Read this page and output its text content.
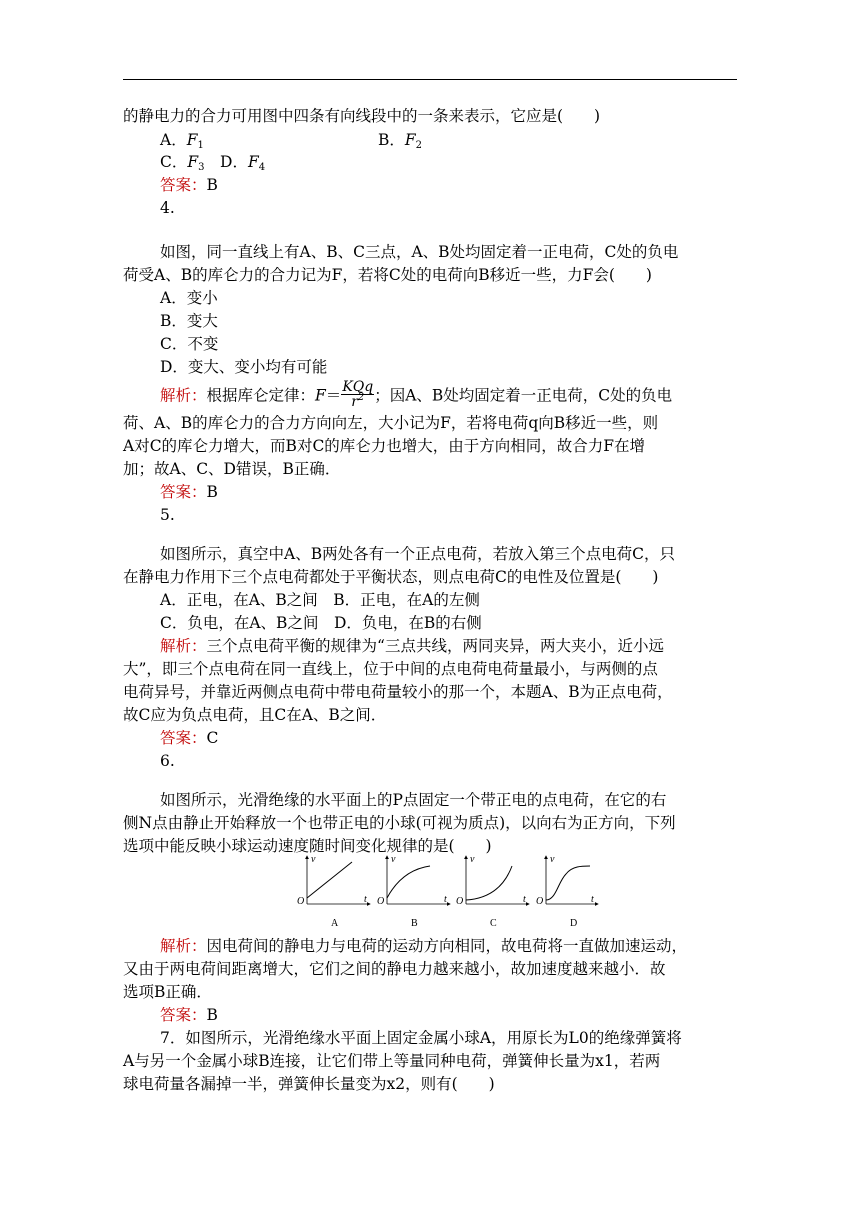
的静电力的合力可用图中四条有向线段中的一条来表示，它应是(　　)
A．$F_1$	B．$F_2$
C．$F_3$　D．$F_4$
答案：B
4.
如图，同一直线上有A、B、C三点，A、B处均固定着一正电荷，C处的负电
荷受A、B的库仑力的合力记为F，若将C处的电荷向B移近一些，力F会(　　)
A．变小
B．变大
C．不变
D．变大、变小均有可能
解析：根据库仑定律：$F= \frac{\text{KQq}}{r^2}$ ；因A、B处均固定着一正电荷，C处的负电
荷、A、B的库仑力的合力方向向左，大小记为F，若将电荷q向B移近一些，则
A对C的库仑力增大，而B对C的库仑力也增大，由于方向相同，故合力F在增
加；故A、C、D错误，B正确．
答案：B
5.
如图所示，真空中A、B两处各有一个正点电荷，若放入第三个点电荷C，只
在静电力作用下三个点电荷都处于平衡状态，则点电荷C的电性及位置是(　　)
A．正电，在A、B之间　B．正电，在A的左侧
C．负电，在A、B之间　D．负电，在B的右侧
解析：三个点电荷平衡的规律为“三点共线，两同夹异，两大夹小，近小远
大”，即三个点电荷在同一直线上，位于中间的点电荷电荷量最小，与两侧的点
电荷异号，并靠近两侧点电荷中带电荷量较小的那一个，本题A、B为正点电荷，
故C应为负点电荷，且C在A、B之间．
答案：C
6.
如图所示，光滑绝缘的水平面上的P点固定一个带正电的点电荷，在它的右
侧N点由静止开始释放一个也带正电的小球(可视为质点)，以向右为正方向，下列
选项中能反映小球运动速度随时间变化规律的是(　　)
v
t
O
A
v
t
O
B
v
t
O
C
v
t
O
D
解析：因电荷间的静电力与电荷的运动方向相同，故电荷将一直做加速运动，
又由于两电荷间距离增大，它们之间的静电力越来越小，故加速度越来越小．故
选项B正确．
答案：B
7．如图所示，光滑绝缘水平面上固定金属小球A，用原长为L0的绝缘弹簧将
A与另一个金属小球B连接，让它们带上等量同种电荷，弹簧伸长量为x1，若两
球电荷量各漏掉一半，弹簧伸长量变为x2，则有(　　)
